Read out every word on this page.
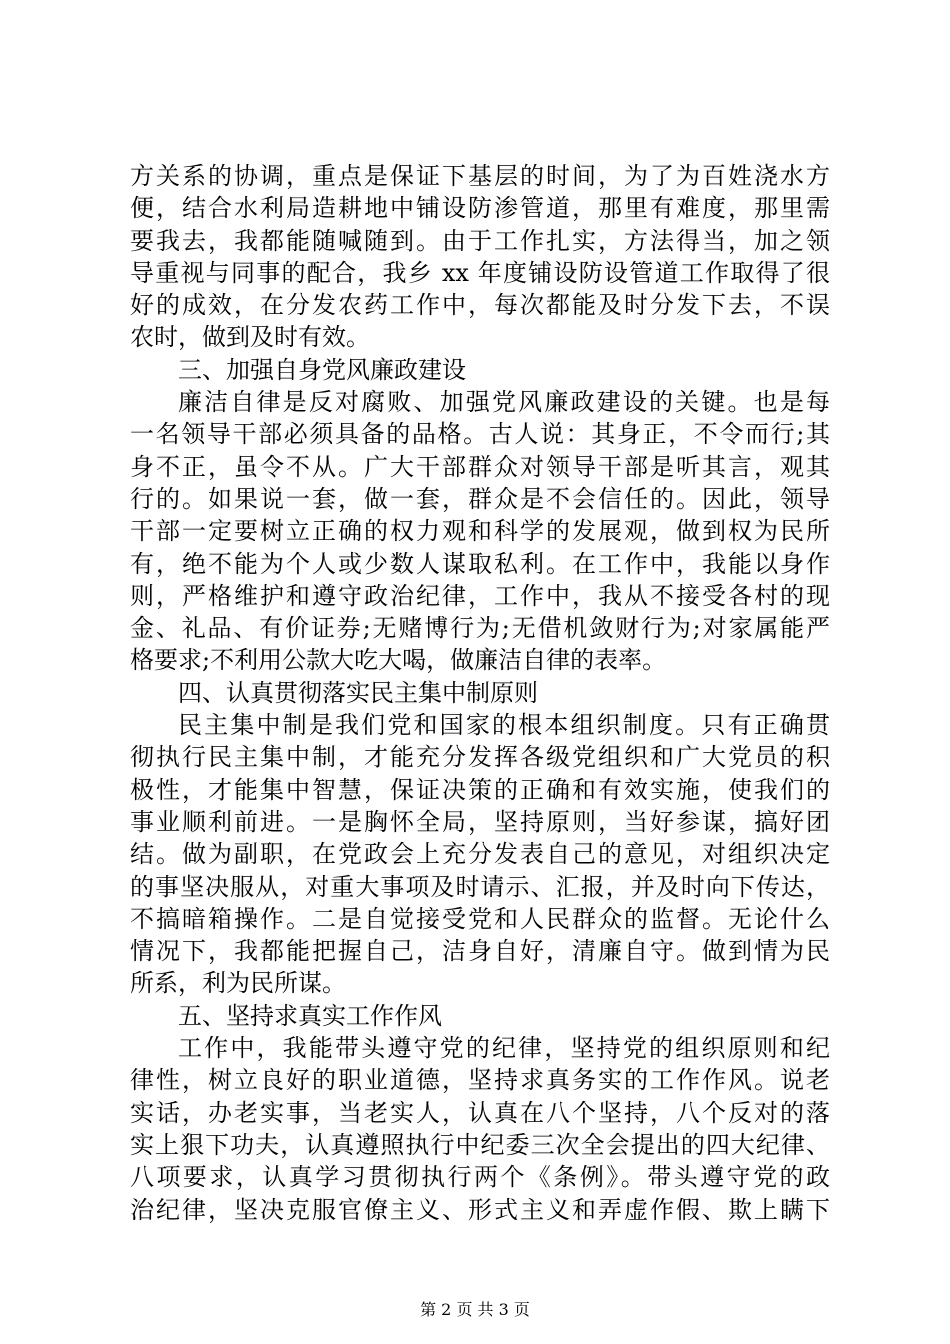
方关系的协调，重点是保证下基层的时间，为了为百姓浇水方
便，结合水利局造耕地中铺设防渗管道，那里有难度，那里需
要我去，我都能随喊随到。由于工作扎实，方法得当，加之领
导重视与同事的配合，我乡 xx 年度铺设防设管道工作取得了很
好的成效，在分发农药工作中，每次都能及时分发下去，不误
农时，做到及时有效。
三、加强自身党风廉政建设
廉洁自律是反对腐败、加强党风廉政建设的关键。也是每
一名领导干部必须具备的品格。古人说：其身正，不令而行;其
身不正，虽令不从。广大干部群众对领导干部是听其言，观其
行的。如果说一套，做一套，群众是不会信任的。因此，领导
干部一定要树立正确的权力观和科学的发展观，做到权为民所
有，绝不能为个人或少数人谋取私利。在工作中，我能以身作
则，严格维护和遵守政治纪律，工作中，我从不接受各村的现
金、礼品、有价证券;无赌博行为;无借机敛财行为;对家属能严
格要求;不利用公款大吃大喝，做廉洁自律的表率。
四、认真贯彻落实民主集中制原则
民主集中制是我们党和国家的根本组织制度。只有正确贯
彻执行民主集中制，才能充分发挥各级党组织和广大党员的积
极性，才能集中智慧，保证决策的正确和有效实施，使我们的
事业顺利前进。一是胸怀全局，坚持原则，当好参谋，搞好团
结。做为副职，在党政会上充分发表自己的意见，对组织决定
的事坚决服从，对重大事项及时请示、汇报，并及时向下传达，
不搞暗箱操作。二是自觉接受党和人民群众的监督。无论什么
情况下，我都能把握自己，洁身自好，清廉自守。做到情为民
所系，利为民所谋。
五、坚持求真实工作作风
工作中，我能带头遵守党的纪律，坚持党的组织原则和纪
律性，树立良好的职业道德，坚持求真务实的工作作风。说老
实话，办老实事，当老实人，认真在八个坚持，八个反对的落
实上狠下功夫，认真遵照执行中纪委三次全会提出的四大纪律、
八项要求，认真学习贯彻执行两个《条例》。带头遵守党的政
治纪律，坚决克服官僚主义、形式主义和弄虚作假、欺上瞒下
第 2 页 共 3 页
